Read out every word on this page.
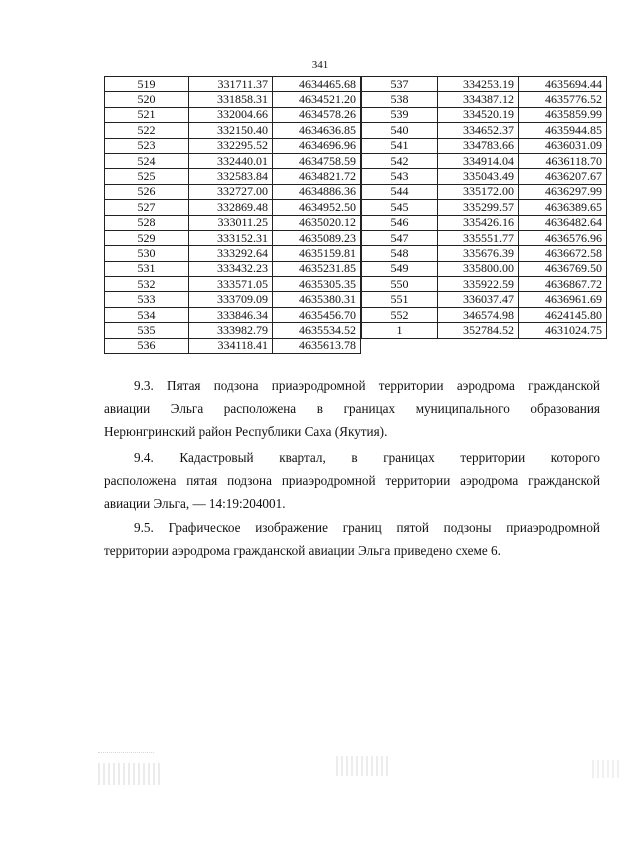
341
519	331711.37	4634465.68
520	331858.31	4634521.20
521	332004.66	4634578.26
522	332150.40	4634636.85
523	332295.52	4634696.96
524	332440.01	4634758.59
525	332583.84	4634821.72
526	332727.00	4634886.36
527	332869.48	4634952.50
528	333011.25	4635020.12
529	333152.31	4635089.23
530	333292.64	4635159.81
531	333432.23	4635231.85
532	333571.05	4635305.35
533	333709.09	4635380.31
534	333846.34	4635456.70
535	333982.79	4635534.52
536	334118.41	4635613.78
537	334253.19	4635694.44
538	334387.12	4635776.52
539	334520.19	4635859.99
540	334652.37	4635944.85
541	334783.66	4636031.09
542	334914.04	4636118.70
543	335043.49	4636207.67
544	335172.00	4636297.99
545	335299.57	4636389.65
546	335426.16	4636482.64
547	335551.77	4636576.96
548	335676.39	4636672.58
549	335800.00	4636769.50
550	335922.59	4636867.72
551	336037.47	4636961.69
552	346574.98	4624145.80
1	352784.52	4631024.75
9.3. Пятая подзона приаэродромной территории аэродрома гражданской
авиации Эльга расположена в границах муниципального образования
Нерюнгринский район Республики Саха (Якутия).
9.4. Кадастровый квартал, в границах территории которого
расположена пятая подзона приаэродромной территории аэродрома гражданской
авиации Эльга, — 14:19:204001.
9.5. Графическое изображение границ пятой подзоны приаэродромной
территории аэродрома гражданской авиации Эльга приведено схеме 6.
